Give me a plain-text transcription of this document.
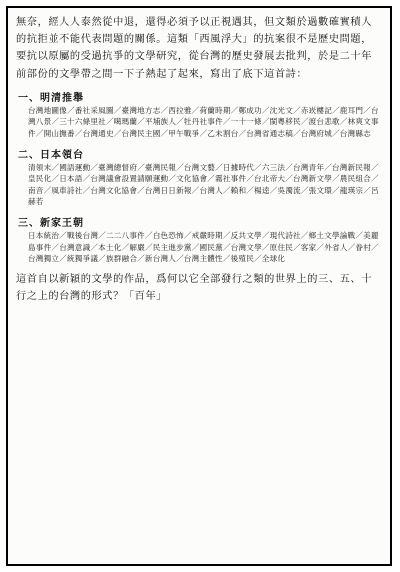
無奈，經人人泰然從中退，還得必須予以正視遇其，但文類於過數確實積人的抗拒並不能代表問題的關係。這類「西風浮大」的抗案很不是歷史問題，要抗以原屬的受過抗爭的文學研究，從台灣的歷史發展去批判，於是二十年前部份的文學帶之間一下子熱起了起來，寫出了底下這首詩：

一、明清推舉
台灣地圖像／番社采風圖／臺灣地方志／西拉雅／荷蘭時期／鄭成功／沈光文／赤崁樓記／鹿耳門／台灣八景／三十六條里社／噶瑪蘭／平埔族人／牡丹社事件／一十一條／閩粵移民／渡台悲歌／林爽文事件／開山撫番／台灣通史／台灣民主國／甲午戰爭／乙未割台／台灣省通志稿／台灣府城／台灣縣志
二、日本領台
清領末／國語運動／臺灣總督府／臺灣民報／台灣文藝／日據時代／六三法／台灣青年／台灣新民報／皇民化／日本語／台灣議會設置請願運動／文化協會／霧社事件／台北帝大／台灣新文學／農民組合／南音／風車詩社／台灣文化協會／台灣日日新報／台灣人／賴和／楊逵／吳濁流／張文環／龍瑛宗／呂赫若
三、新家王朝
日本統治／戰後台灣／二二八事件／白色恐怖／戒嚴時期／反共文學／現代詩社／鄉土文學論戰／美麗島事件／台灣意識／本土化／解嚴／民主進步黨／國民黨／台灣文學／原住民／客家／外省人／眷村／台灣獨立／統獨爭議／族群融合／新台灣人／台灣主體性／後殖民／全球化

這首自以新穎的文學的作品，爲何以它全部發行之類的世界上的三、五、十行之上的台灣的形式？「百年」
